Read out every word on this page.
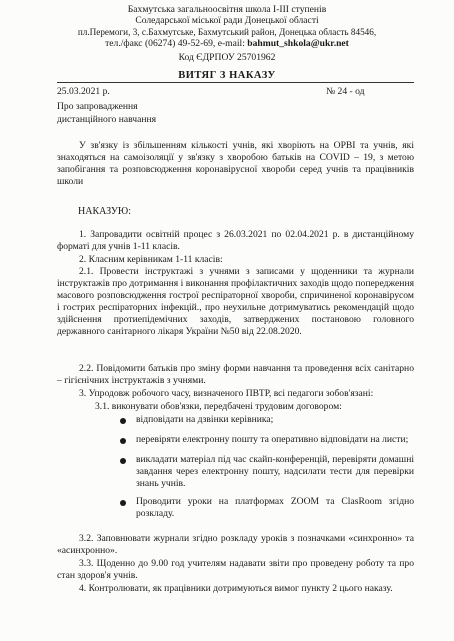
Бахмутська загальноосвітня школа І-ІІІ ступенів
Соледарської міської ради Донецької області
пл.Перемоги, 3, с.Бахмутське, Бахмутський район, Донецька область 84546,
тел./факс (06274) 49-52-69, e-mail: bahmut_shkola@ukr.net
Код ЄДРПОУ 25701962
ВИТЯГ З НАКАЗУ
25.03.2021 р.	№ 24 - од
Про запровадження
дистанційного навчання
У зв'язку із збільшенням кількості учнів, які хворіють на ОРВІ та учнів, які знаходяться на самоізоляції у зв'язку з хворобою батьків на COVID – 19, з метою запобігання та розповсюдження коронавірусної хвороби серед учнів та працівників школи
НАКАЗУЮ:
1. Запровадити освітній процес з 26.03.2021 по 02.04.2021 р. в дистанційному форматі для учнів 1-11 класів.
2. Класним керівникам 1-11 класів:
2.1. Провести інструктажі з учнями з записами у щоденники та журнали інструктажів про дотримання і виконання профілактичних заходів щодо попередження масового розповсюдження гострої респіраторної хвороби, спричиненої коронавірусом і гострих респіраторних інфекцій., про неухильне дотримуватись рекомендацій щодо здійснення протиепідемічних заходів, затверджених постановою головного державного санітарного лікаря України №50 від 22.08.2020.
2.2. Повідомити батьків про зміну форми навчання та проведення всіх санітарно – гігієнічних інструктажів з учнями.
3. Упродовж робочого часу, визначеного ПВТР, всі педагоги зобов'язані:
3.1. виконувати обов'язки, передбачені трудовим договором:
відповідати на дзвінки керівника;
перевіряти електронну пошту та оперативно відповідати на листи;
викладати матеріал під час скайп-конференцій, перевіряти домашні завдання через електронну пошту, надсилати тести для перевірки знань учнів.
Проводити уроки на платформах ZOOM та ClasRoom згідно розкладу.
3.2. Заповнювати журнали згідно розкладу уроків з позначками «синхронно» та «асинхронно».
3.3. Щоденно до 9.00 год учителям надавати звіти про проведену роботу та про стан здоров'я учнів.
4. Контролювати, як працівники дотримуються вимог пункту 2 цього наказу.
